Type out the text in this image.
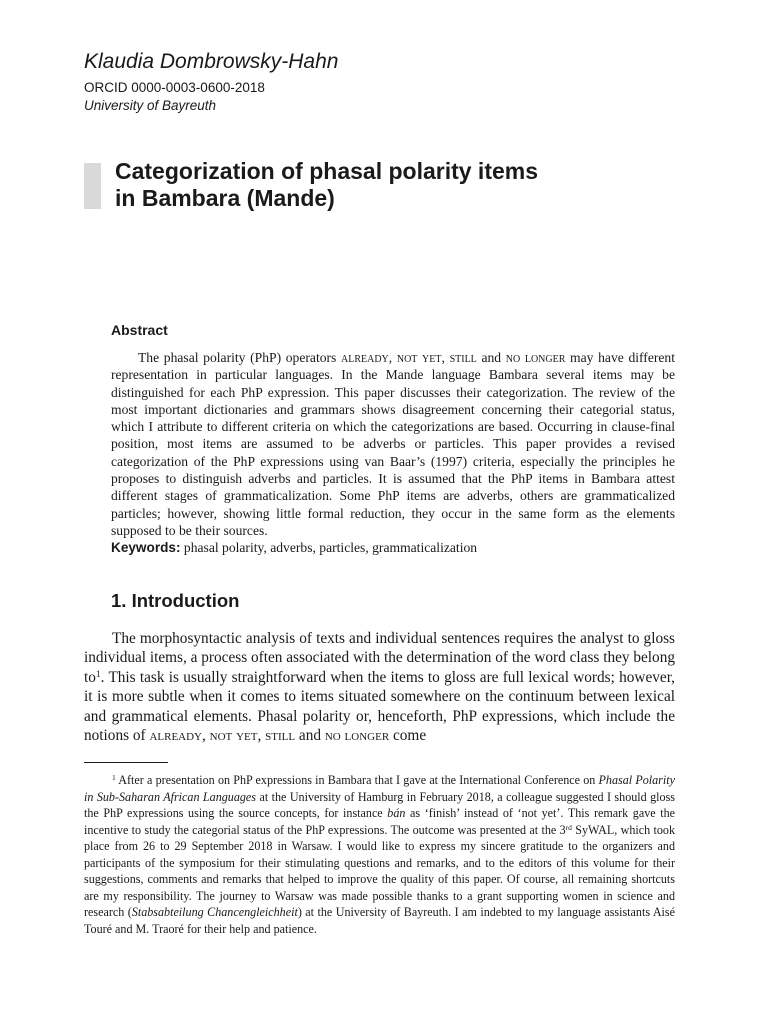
Klaudia Dombrowsky-Hahn
ORCID 0000-0003-0600-2018
University of Bayreuth
Categorization of phasal polarity items
in Bambara (Mande)
Abstract

The phasal polarity (PhP) operators already, not yet, still and no longer may have different representation in particular languages. In the Mande language Bambara several items may be distinguished for each PhP expression. This paper discusses their categorization. The review of the most important dictionaries and grammars shows disagreement concerning their categorial status, which I attribute to different criteria on which the categorizations are based. Occurring in clause-final position, most items are assumed to be adverbs or particles. This paper provides a revised categorization of the PhP expressions using van Baar’s (1997) criteria, especially the principles he proposes to distinguish adverbs and particles. It is assumed that the PhP items in Bambara attest different stages of grammaticalization. Some PhP items are adverbs, others are grammaticalized particles; however, showing little formal reduction, they occur in the same form as the elements supposed to be their sources.

Keywords: phasal polarity, adverbs, particles, grammaticalization
1. Introduction

The morphosyntactic analysis of texts and individual sentences requires the analyst to gloss individual items, a process often associated with the determination of the word class they belong $to^1$. This task is usually straightforward when the items to gloss are full lexical words; however, it is more subtle when it comes to items situated somewhere on the continuum between lexical and grammatical elements. Phasal polarity or, henceforth, PhP expressions, which include the notions of already, not yet, still and no longer come

$^1$ After a presentation on PhP expressions in Bambara that I gave at the International Conference on Phasal Polarity in Sub-Saharan African Languages at the University of Hamburg in February 2018, a colleague suggested I should gloss the PhP expressions using the source concepts, for instance bán as ‘finish’ instead of ‘not yet’. This remark gave the incentive to study the categorial status of the PhP expressions. The outcome was presented at the 3rd SyWAL, which took place from 26 to 29 September 2018 in Warsaw. I would like to express my sincere gratitude to the organizers and participants of the symposium for their stimulating questions and remarks, and to the editors of this volume for their suggestions, comments and remarks that helped to improve the quality of this paper. Of course, all remaining shortcuts are my responsibility. The journey to Warsaw was made possible thanks to a grant supporting women in science and research (Stabsabteilung Chancengleichheit) at the University of Bayreuth. I am indebted to my language assistants Aisé Touré and M. Traoré for their help and patience.
